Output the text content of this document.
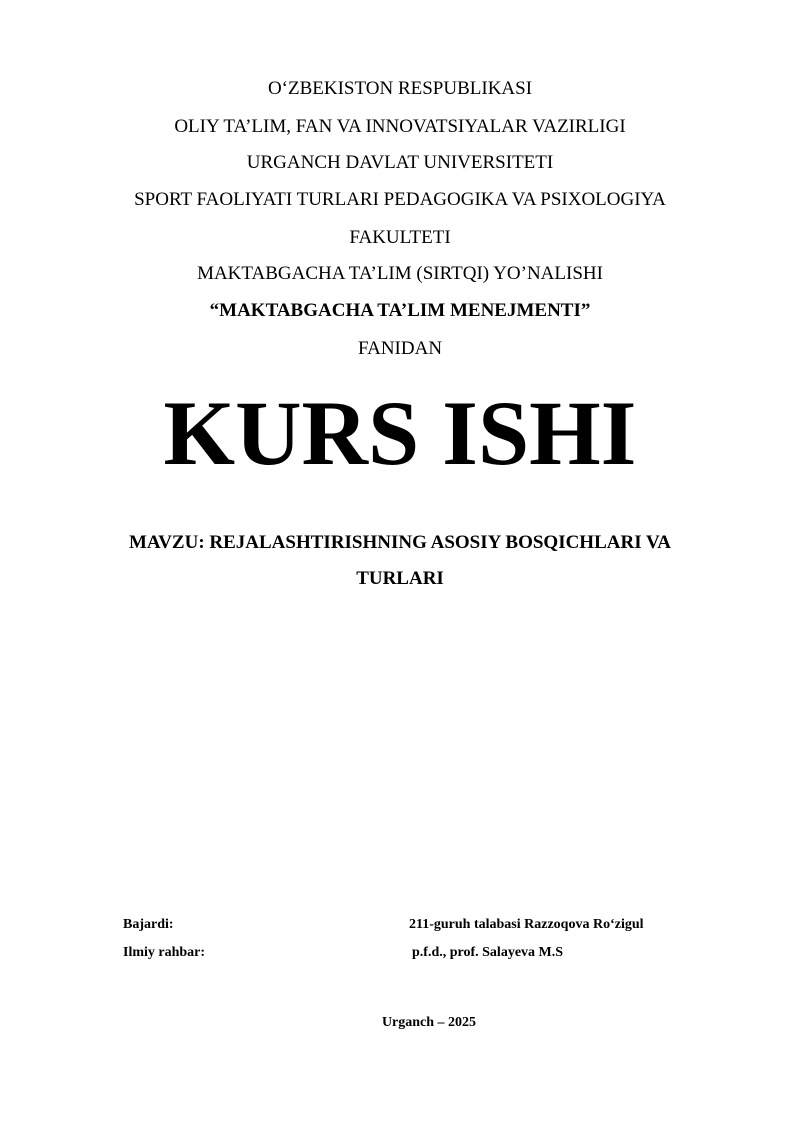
O‘ZBEKISTON RESPUBLIKASI
OLIY TA’LIM, FAN VA INNOVATSIYALAR VAZIRLIGI
URGANCH DAVLAT UNIVERSITETI
SPORT FAOLIYATI TURLARI PEDAGOGIKA VA PSIXOLOGIYA
FAKULTETI
MAKTABGACHA TA’LIM (SIRTQI) YO’NALISHI
“MAKTABGACHA TA’LIM MENEJMENTI”
FANIDAN
KURS ISHI
MAVZU: REJALASHTIRISHNING ASOSIY BOSQICHLARI VA
TURLARI
Bajardi:	211-guruh talabasi Razzoqova Ro‘zigul
Ilmiy rahbar:	p.f.d., prof. Salayeva M.S
Urganch – 2025
